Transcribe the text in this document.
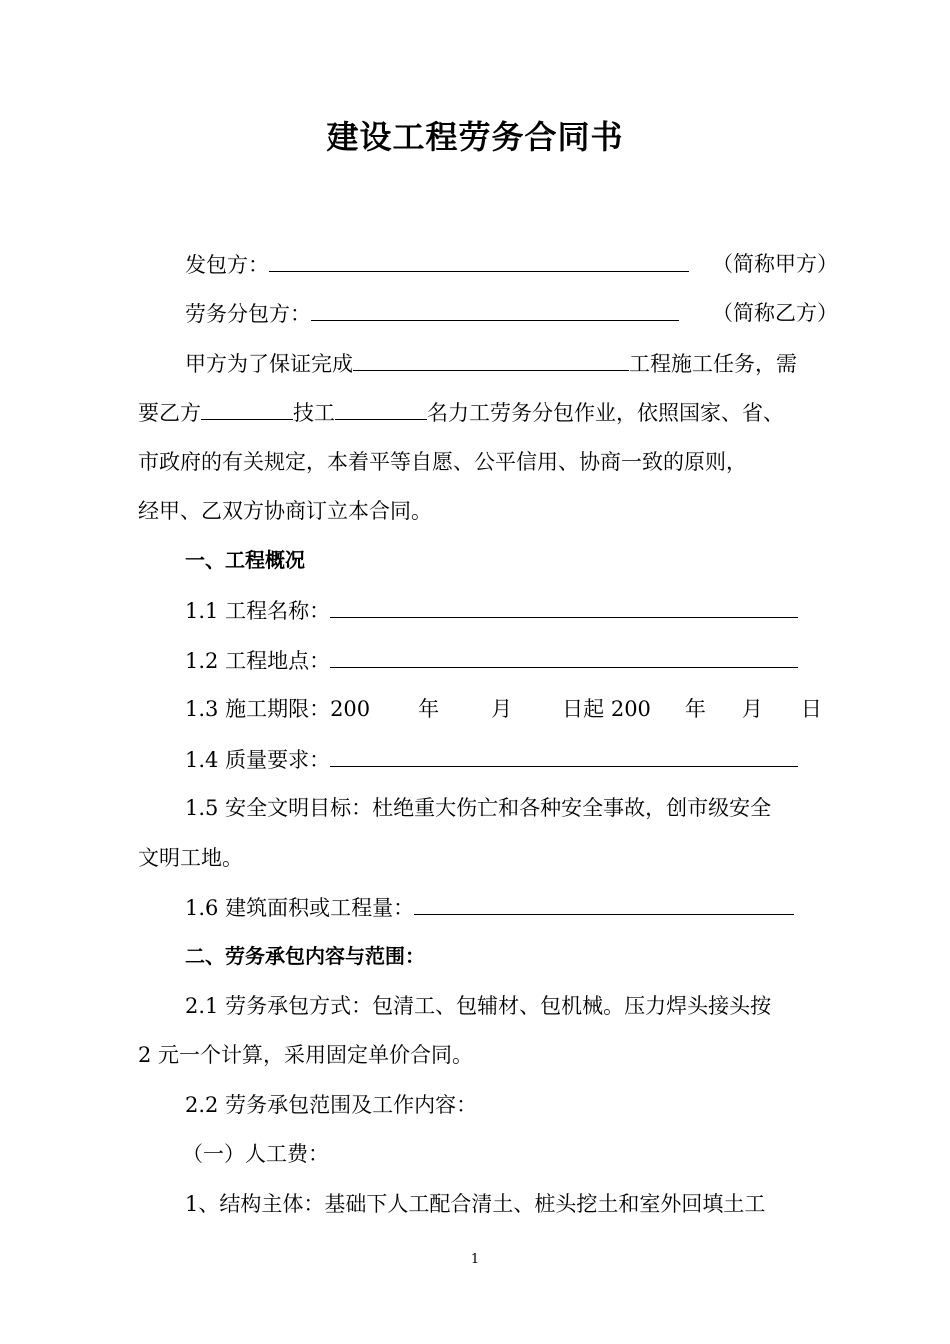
建设工程劳务合同书
发包方：	（简称甲方）
劳务分包方：	（简称乙方）
甲方为了保证完成	工程施工任务，需
要乙方	技工	名力工劳务分包作业，依照国家、省、
市政府的有关规定，本着平等自愿、公平信用、协商一致的原则，
经甲、乙双方协商订立本合同。
一、工程概况
1.1 工程名称：
1.2 工程地点：
1.3 施工期限：200 年 月 日起 200 年 月 日
1.4 质量要求：
1.5 安全文明目标：杜绝重大伤亡和各种安全事故，创市级安全
文明工地。
1.6 建筑面积或工程量：
二、劳务承包内容与范围：
2.1 劳务承包方式：包清工、包辅材、包机械。压力焊头接头按
2 元一个计算，采用固定单价合同。
2.2 劳务承包范围及工作内容：
（一）人工费：
1、结构主体：基础下人工配合清土、桩头挖土和室外回填土工
1
